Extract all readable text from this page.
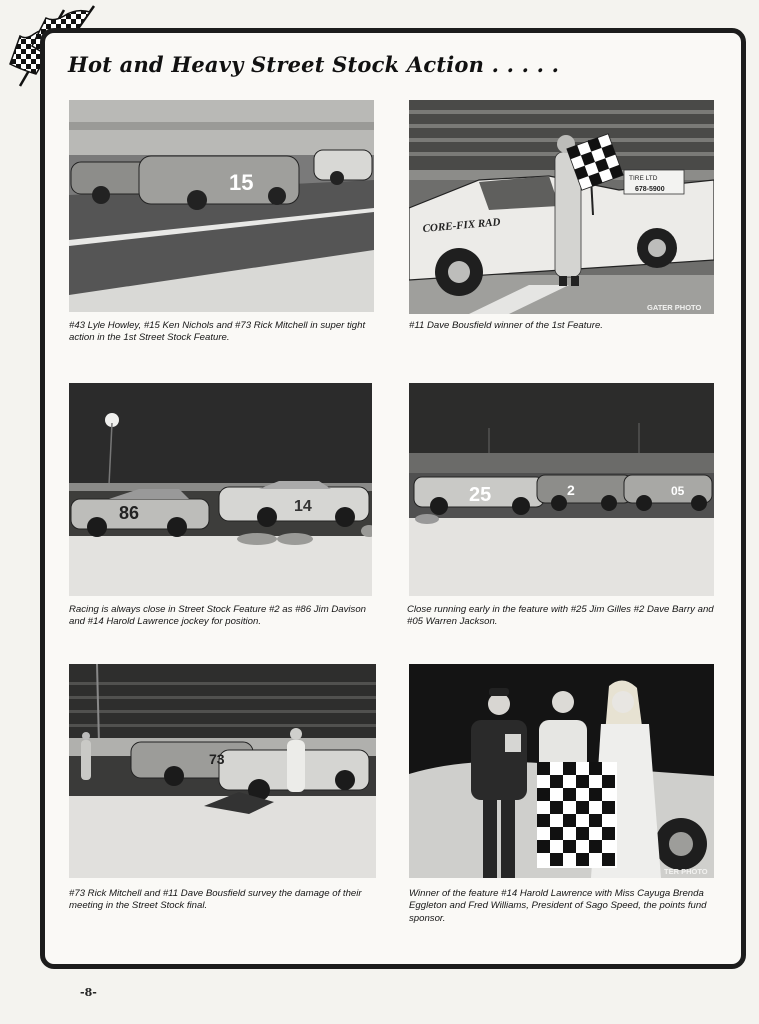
Hot and Heavy Street Stock Action . . . . .
15

#43 Lyle Howley, #15 Ken Nichols and #73 Rick Mitchell in super tight action in the 1st Street Stock Feature.

CORE-FIX RAD
TIRE LTD
678-5900
GATER PHOTO

#11 Dave Bousfield winner of the 1st Feature.

86	14

Racing is always close in Street Stock Feature #2 as #86 Jim Davison and #14 Harold Lawrence jockey for position.

25	2	05

Close running early in the feature with #25 Jim Gilles #2 Dave Barry and #05 Warren Jackson.

73

#73 Rick Mitchell and #11 Dave Bousfield survey the damage of their meeting in the Street Stock final.

TER PHOTO

Winner of the feature #14 Harold Lawrence with Miss Cayuga Brenda Eggleton and Fred Williams, President of Sago Speed, the points fund sponsor.

-8-
